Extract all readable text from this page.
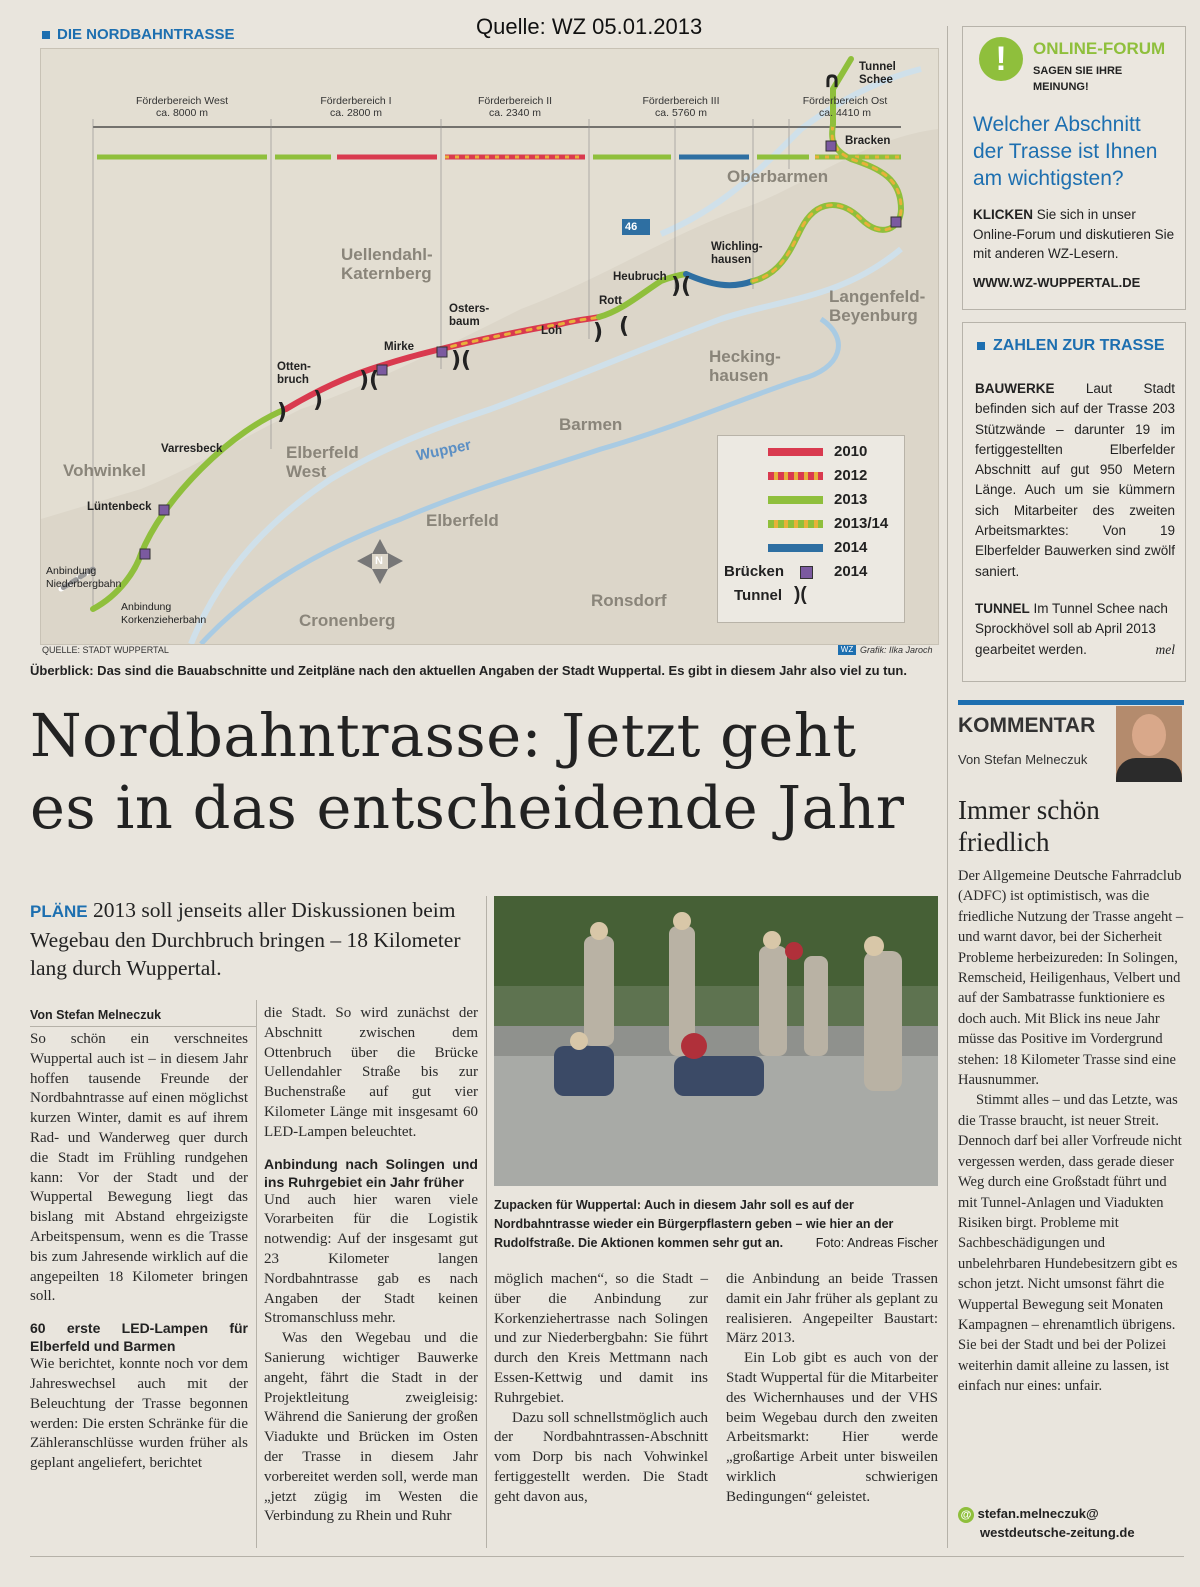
Quelle: WZ 05.01.2013
DIE NORDBAHNTRASSE
) )
)(
)(
) (
)(
∩
46
N
Förderbereich West
ca. 8000 m
Förderbereich I
ca. 2800 m
Förderbereich II
ca. 2340 m
Förderbereich III
ca. 5760 m
Förderbereich Ost
ca. 4410 m
Vohwinkel
Uellendahl-Katernberg
Elberfeld West
Elberfeld
Barmen
Oberbarmen
Langenfeld-Beyenburg
Hecking-hausen
Cronenberg
Ronsdorf
Wupper
Tunnel Schee
Bracken
Wichling-hausen
Heubruch
Rott
Loh
Osters-baum
Mirke
Otten-bruch
Varresbeck
Lüntenbeck
Anbindung Niederbergbahn
Anbindung Korkenzieherbahn
2010
2012
2013
2013/14
2014
Brücken	2014
Tunnel )(
QUELLE: STADT WUPPERTAL	WZ Grafik: Ilka Jaroch
Überblick: Das sind die Bauabschnitte und Zeitpläne nach den aktuellen Angaben der Stadt Wuppertal. Es gibt in diesem Jahr also viel zu tun.
!	ONLINE-FORUM
SAGEN SIE IHRE
MEINUNG!
Welcher Abschnitt der Trasse ist Ihnen am wichtigsten?
KLICKEN Sie sich in unser Online-Forum und diskutieren Sie mit anderen WZ-Lesern.
WWW.WZ-WUPPERTAL.DE
ZAHLEN ZUR TRASSE
BAUWERKE Laut Stadt befinden sich auf der Trasse 203 Stützwände – darunter 19 im fertiggestellten Elberfelder Abschnitt auf gut 950 Metern Länge. Auch um sie kümmern sich Mitarbeiter des zweiten Arbeitsmarktes: Von 19 Elberfelder Bauwerken sind zwölf saniert.
TUNNEL Im Tunnel Schee nach Sprockhövel soll ab April 2013 gearbeitet werden.	mel
Nordbahntrasse: Jetzt geht
es in das entscheidende Jahr
PLÄNE 2013 soll jenseits aller Diskussionen beim Wegebau den Durchbruch bringen – 18 Kilometer lang durch Wuppertal.
Von Stefan Melneczuk

So schön ein verschneites Wuppertal auch ist – in diesem Jahr hoffen tausende Freunde der Nordbahntrasse auf einen möglichst kurzen Winter, damit es auf ihrem Rad- und Wanderweg quer durch die Stadt im Frühling rundgehen kann: Vor der Stadt und der Wuppertal Bewegung liegt das bislang mit Abstand ehrgeizigste Arbeitspensum, wenn es die Trasse bis zum Jahresende wirklich auf die angepeilten 18 Kilometer bringen soll.

60 erste LED-Lampen für Elberfeld und Barmen

Wie berichtet, konnte noch vor dem Jahreswechsel auch mit der Beleuchtung der Trasse begonnen werden: Die ersten Schränke für die Zähleranschlüsse wurden früher als geplant angeliefert, berichtet

die Stadt. So wird zunächst der Abschnitt zwischen dem Ottenbruch über die Brücke Uellendahler Straße bis zur Buchenstraße auf gut vier Kilometer Länge mit insgesamt 60 LED-Lampen beleuchtet.

Anbindung nach Solingen und ins Ruhrgebiet ein Jahr früher

Und auch hier waren viele Vorarbeiten für die Logistik notwendig: Auf der insgesamt gut 23 Kilometer langen Nordbahntrasse gab es nach Angaben der Stadt keinen Stromanschluss mehr.

Was den Wegebau und die Sanierung wichtiger Bauwerke angeht, fährt die Stadt in der Projektleitung zweigleisig: Während die Sanierung der großen Viadukte und Brücken im Osten der Trasse in diesem Jahr vorbereitet werden soll, werde man „jetzt zügig im Westen die Verbindung zu Rhein und Ruhr

Zupacken für Wuppertal: Auch in diesem Jahr soll es auf der Nordbahntrasse wieder ein Bürgerpflastern geben – wie hier an der Rudolfstraße. Die Aktionen kommen sehr gut an.	Foto: Andreas Fischer

möglich machen“, so die Stadt – über die Anbindung zur Korkenziehertrasse nach Solingen und zur Niederbergbahn: Sie führt durch den Kreis Mettmann nach Essen-Kettwig und damit ins Ruhrgebiet.

Dazu soll schnellstmöglich auch der Nordbahntrassen-Abschnitt vom Dorp bis nach Vohwinkel fertiggestellt werden. Die Stadt geht davon aus,

die Anbindung an beide Trassen damit ein Jahr früher als geplant zu realisieren. Angepeilter Baustart: März 2013.

Ein Lob gibt es auch von der Stadt Wuppertal für die Mitarbeiter des Wichernhauses und der VHS beim Wegebau durch den zweiten Arbeitsmarkt: Hier werde „großartige Arbeit unter bisweilen wirklich schwierigen Bedingungen“ geleistet.

KOMMENTAR
Von Stefan Melneczuk
Immer schön friedlich
Der Allgemeine Deutsche Fahrradclub (ADFC) ist optimistisch, was die friedliche Nutzung der Trasse angeht – und warnt davor, bei der Sicherheit Probleme herbeizureden: In Solingen, Remscheid, Heiligenhaus, Velbert und auf der Sambatrasse funktioniere es doch auch. Mit Blick ins neue Jahr müsse das Positive im Vordergrund stehen: 18 Kilometer Trasse sind eine Hausnummer.
Stimmt alles – und das Letzte, was die Trasse braucht, ist neuer Streit. Dennoch darf bei aller Vorfreude nicht vergessen werden, dass gerade dieser Weg durch eine Großstadt führt und mit Tunnel-Anlagen und Viadukten Risiken birgt. Probleme mit Sachbeschädigungen und unbelehrbaren Hundebesitzern gibt es schon jetzt. Nicht umsonst fährt die Wuppertal Bewegung seit Monaten Kampagnen – ehrenamtlich übrigens. Sie bei der Stadt und bei der Polizei weiterhin damit alleine zu lassen, ist einfach nur eines: unfair.
@ stefan.melneczuk@
westdeutsche-zeitung.de
